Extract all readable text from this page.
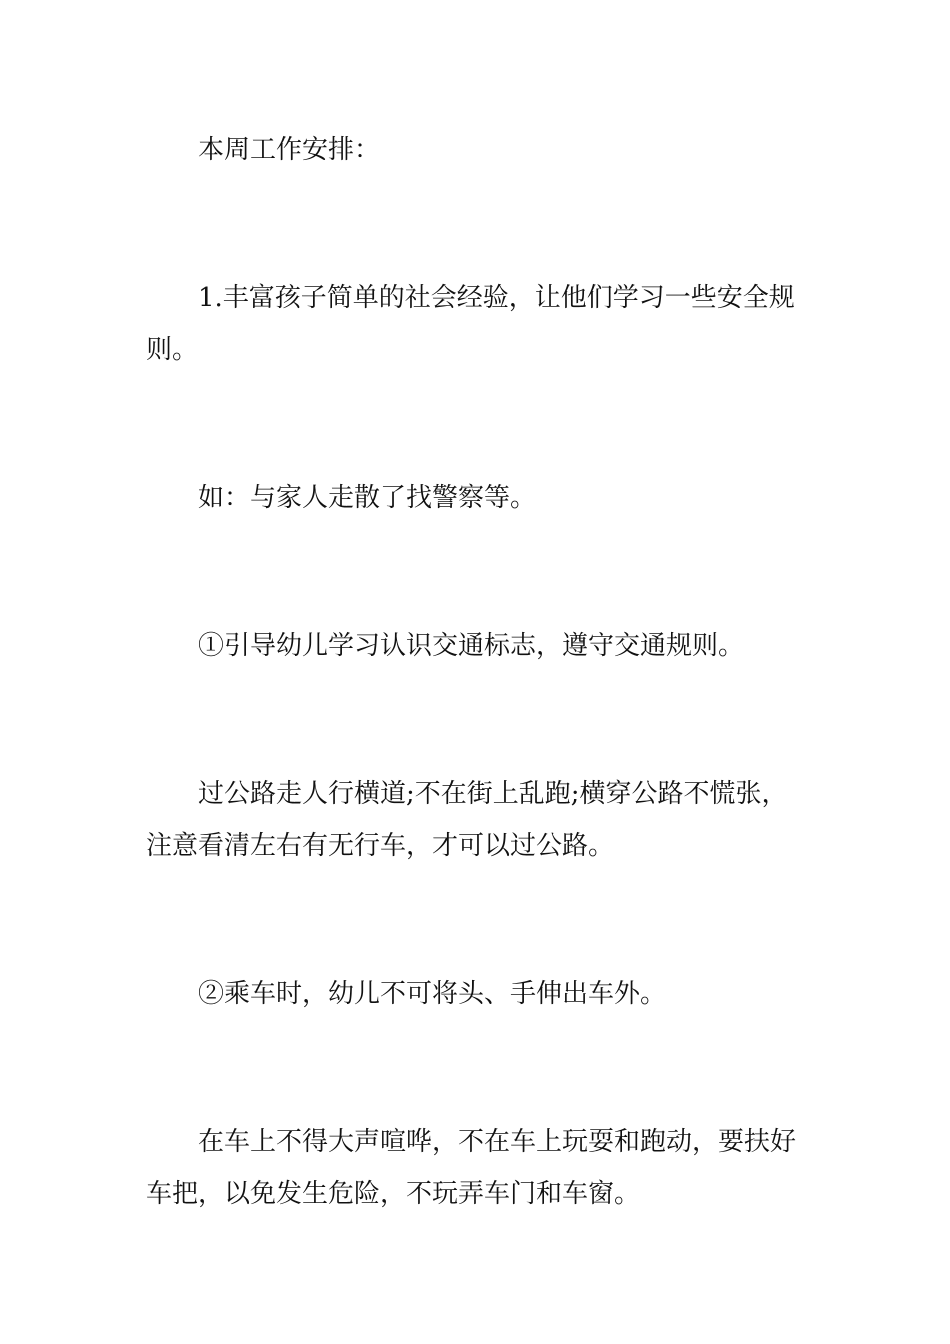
本周工作安排：

1.丰富孩子简单的社会经验，让他们学习一些安全规则。

如：与家人走散了找警察等。

①引导幼儿学习认识交通标志，遵守交通规则。

过公路走人行横道;不在街上乱跑;横穿公路不慌张，注意看清左右有无行车，才可以过公路。

②乘车时，幼儿不可将头、手伸出车外。

在车上不得大声喧哗，不在车上玩耍和跑动，要扶好车把，以免发生危险，不玩弄车门和车窗。
